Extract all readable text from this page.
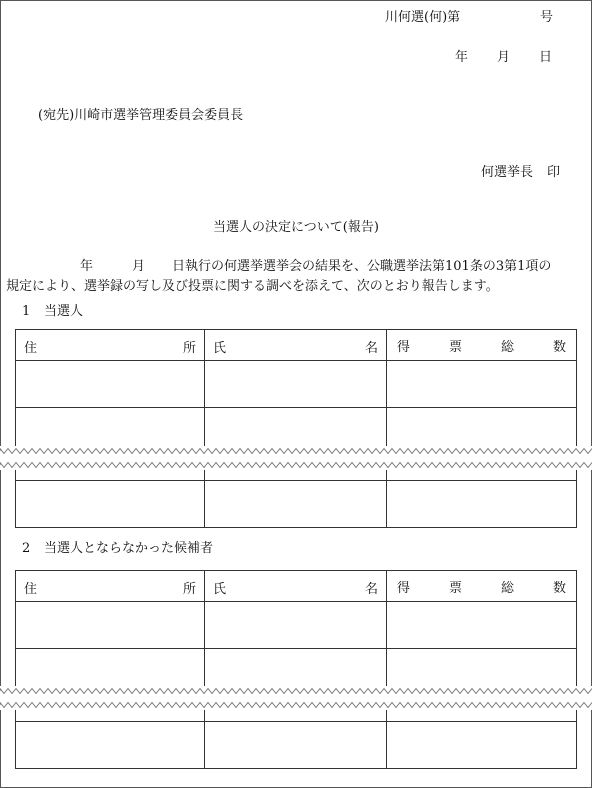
川何選(何)第	号
年 月 日
(宛先)川崎市選挙管理委員会委員長
何選挙長 印
当選人の決定について(報告)
年	月 日執行の何選挙選挙会の結果を、公職選挙法第101条の3第1項の
規定により、選挙録の写し及び投票に関する調べを添えて、次のとおり報告します。
1 当選人
住 所	氏 名	得 票 総 数

2 当選人とならなかった候補者
住 所	氏 名	得 票 総 数
